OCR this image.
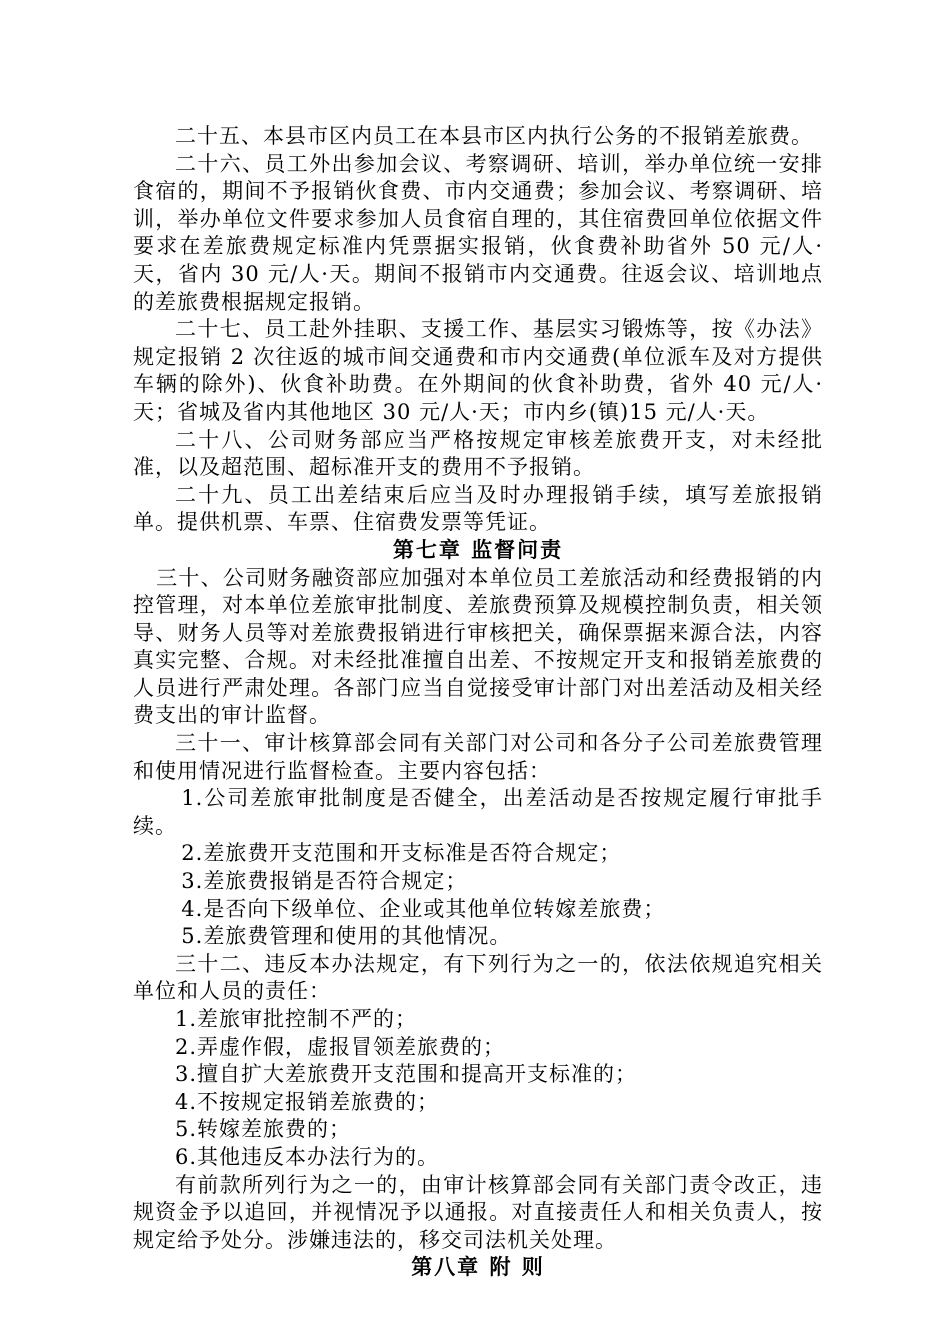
二十五、本县市区内员工在本县市区内执行公务的不报销差旅费。

二十六、员工外出参加会议、考察调研、培训，举办单位统一安排食宿的，期间不予报销伙食费、市内交通费；参加会议、考察调研、培训，举办单位文件要求参加人员食宿自理的，其住宿费回单位依据文件要求在差旅费规定标准内凭票据实报销，伙食费补助省外 50 元/人·天，省内 30 元/人·天。期间不报销市内交通费。往返会议、培训地点的差旅费根据规定报销。

二十七、员工赴外挂职、支援工作、基层实习锻炼等，按《办法》规定报销 2 次往返的城市间交通费和市内交通费(单位派车及对方提供车辆的除外)、伙食补助费。在外期间的伙食补助费，省外 40 元/人·天；省城及省内其他地区 30 元/人·天；市内乡(镇)15 元/人·天。

二十八、公司财务部应当严格按规定审核差旅费开支，对未经批准，以及超范围、超标准开支的费用不予报销。

二十九、员工出差结束后应当及时办理报销手续，填写差旅报销单。提供机票、车票、住宿费发票等凭证。

第七章 监督问责

三十、公司财务融资部应加强对本单位员工差旅活动和经费报销的内控管理，对本单位差旅审批制度、差旅费预算及规模控制负责，相关领导、财务人员等对差旅费报销进行审核把关，确保票据来源合法，内容真实完整、合规。对未经批准擅自出差、不按规定开支和报销差旅费的人员进行严肃处理。各部门应当自觉接受审计部门对出差活动及相关经费支出的审计监督。

三十一、审计核算部会同有关部门对公司和各分子公司差旅费管理和使用情况进行监督检查。主要内容包括：

1.公司差旅审批制度是否健全，出差活动是否按规定履行审批手续。

2.差旅费开支范围和开支标准是否符合规定；

3.差旅费报销是否符合规定；

4.是否向下级单位、企业或其他单位转嫁差旅费；

5.差旅费管理和使用的其他情况。

三十二、违反本办法规定，有下列行为之一的，依法依规追究相关单位和人员的责任：

1.差旅审批控制不严的；

2.弄虚作假，虚报冒领差旅费的；

3.擅自扩大差旅费开支范围和提高开支标准的；

4.不按规定报销差旅费的；

5.转嫁差旅费的；

6.其他违反本办法行为的。

有前款所列行为之一的，由审计核算部会同有关部门责令改正，违规资金予以追回，并视情况予以通报。对直接责任人和相关负责人，按规定给予处分。涉嫌违法的，移交司法机关处理。

第八章 附 则
